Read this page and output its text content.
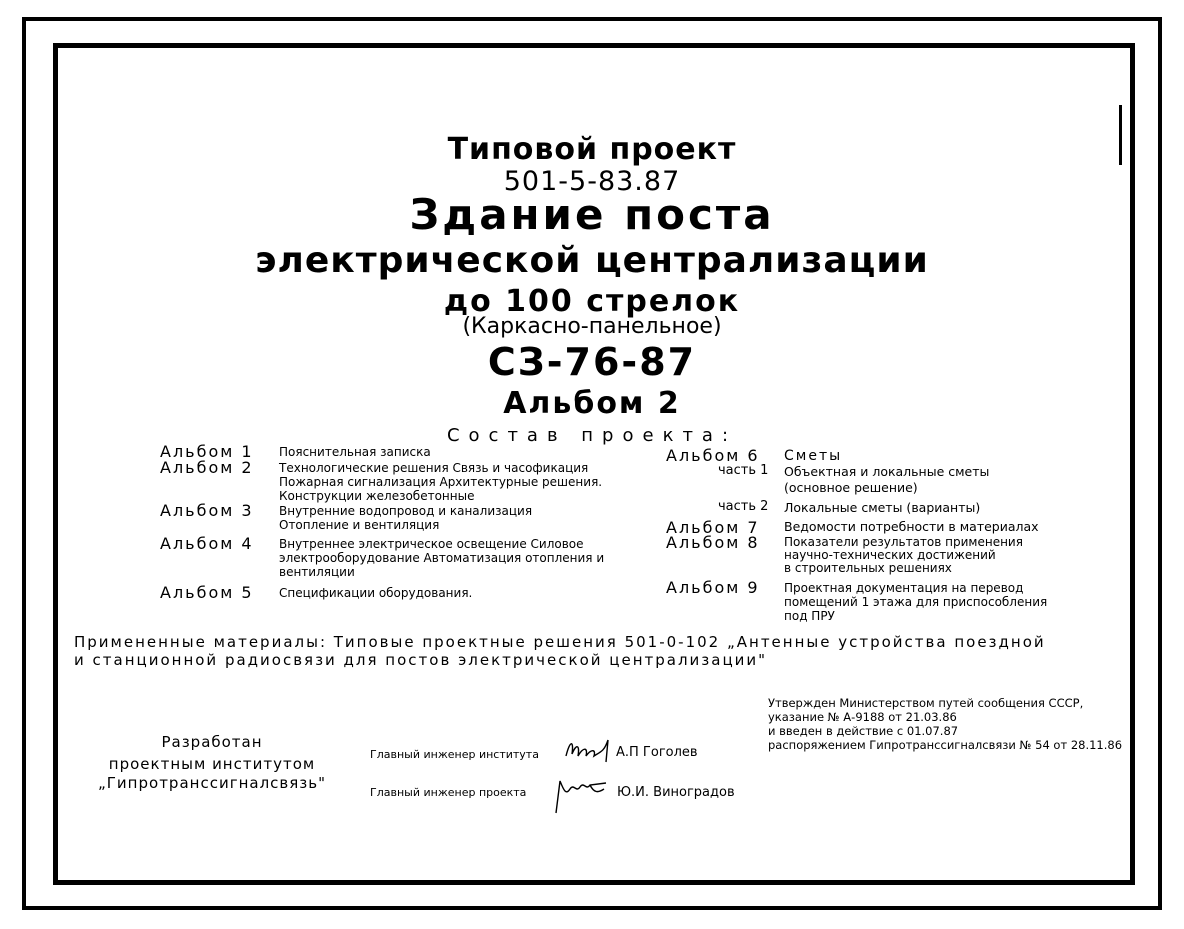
Типовой проект
501-5-83.87
Здание поста
электрической централизации
до 100 стрелок
(Каркасно-панельное)
СЗ-76-87
Альбом 2
Состав проекта:
Альбом 1 Пояснительная записка
Альбом 2 Технологические решения Связь и часофикация
Пожарная сигнализация Архитектурные решения.
Конструкции железобетонные
Альбом 3 Внутренние водопровод и канализация
Отопление и вентиляция
Альбом 4 Внутреннее электрическое освещение Силовое
электрооборудование Автоматизация отопления и
вентиляции
Альбом 5 Спецификации оборудования.
Альбом 6 Сметы
часть 1 Объектная и локальные сметы
(основное решение)
часть 2 Локальные сметы (варианты)
Альбом 7 Ведомости потребности в материалах
Альбом 8 Показатели результатов применения
научно-технических достижений
в строительных решениях
Альбом 9 Проектная документация на перевод
помещений 1 этажа для приспособления
под ПРУ
Примененные материалы: Типовые проектные решения 501-0-102 „Антенные устройства поездной
и станционной радиосвязи для постов электрической централизации"
Утвержден Министерством путей сообщения СССР,
указание № А-9188 от 21.03.86
и введен в действие с 01.07.87
распоряжением Гипротранссигналсвязи № 54 от 28.11.86
Разработан
проектным институтом
„Гипротранссигналсвязь"
Главный инженер института	А.П Гоголев
Главный инженер проекта	Ю.И. Виноградов
